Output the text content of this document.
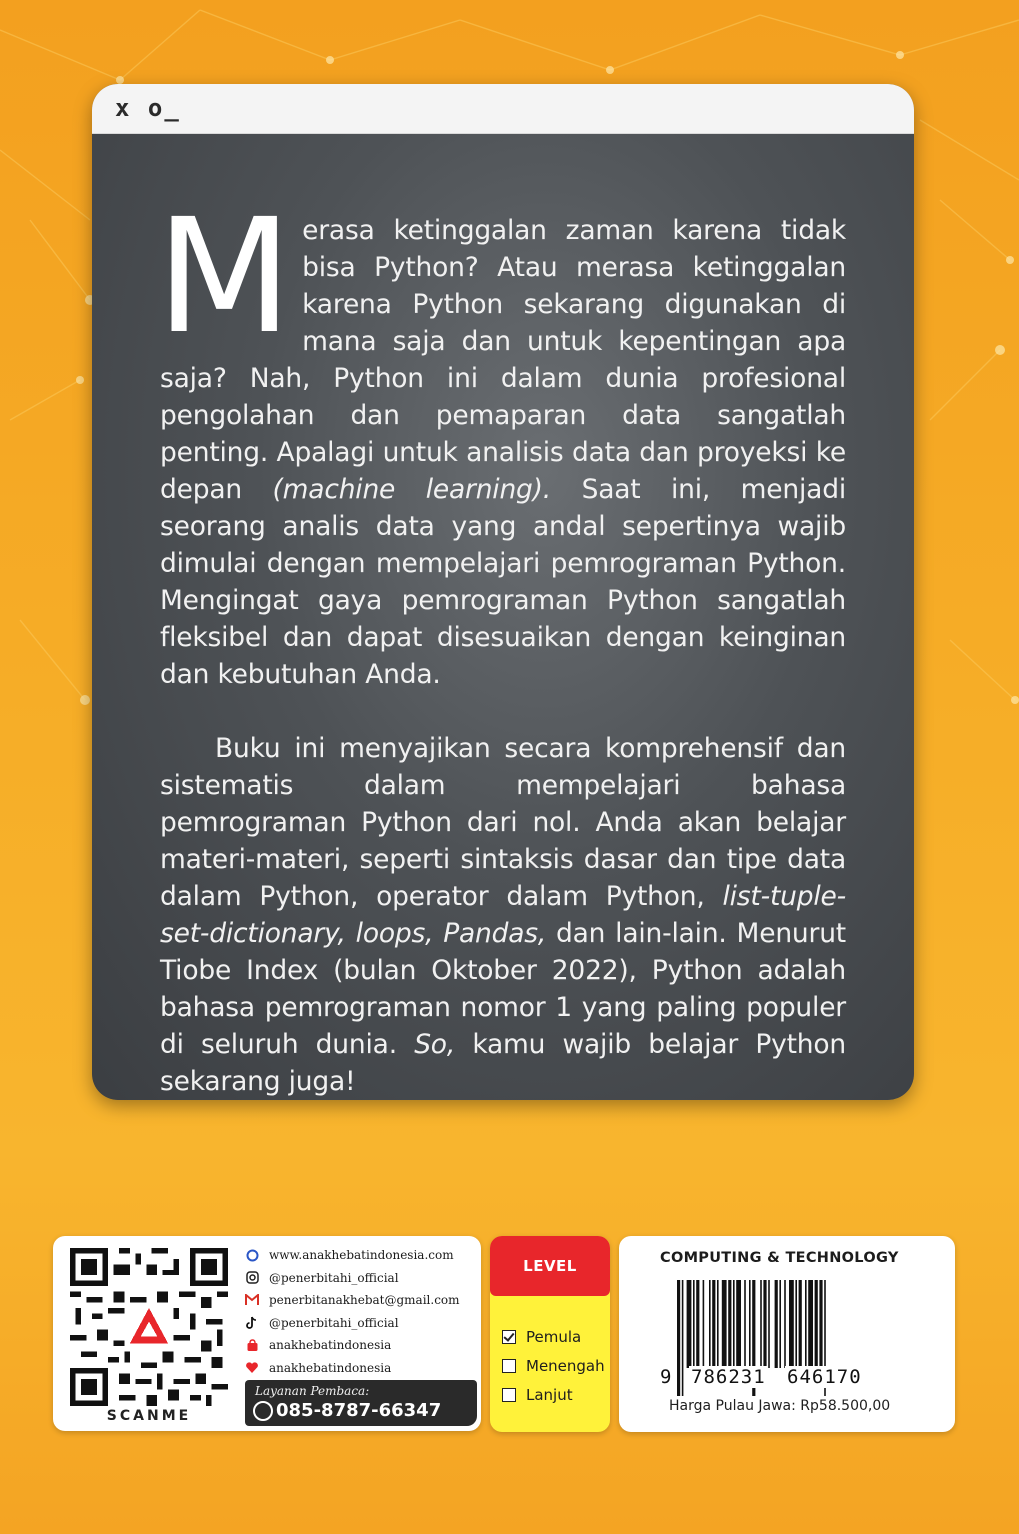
x o_

Merasa ketinggalan zaman karena tidak bisa Python? Atau merasa ketinggalan karena Python sekarang digunakan di mana saja dan untuk kepentingan apa saja? Nah, Python ini dalam dunia profesional pengolahan dan pemaparan data sangatlah penting. Apalagi untuk analisis data dan proyeksi ke depan (machine learning). Saat ini, menjadi seorang analis data yang andal sepertinya wajib dimulai dengan mempelajari pemrograman Python. Mengingat gaya pemrograman Python sangatlah fleksibel dan dapat disesuaikan dengan keinginan dan kebutuhan Anda.

Buku ini menyajikan secara komprehensif dan sistematis dalam mempelajari bahasa pemrograman Python dari nol. Anda akan belajar materi-materi, seperti sintaksis dasar dan tipe data dalam Python, operator dalam Python, list-tuple-set-dictionary, loops, Pandas, dan lain-lain. Menurut Tiobe Index (bulan Oktober 2022), Python adalah bahasa pemrograman nomor 1 yang paling populer di seluruh dunia. So, kamu wajib belajar Python sekarang juga!

SCANME
www.anakhebatindonesia.com
@penerbitahi_official
penerbitanakhebat@gmail.com
@penerbitahi_official
anakhebatindonesia
anakhebatindonesia
Layanan Pembaca:
085-8787-66347
LEVEL
Pemula
Menengah
Lanjut
COMPUTING & TECHNOLOGY
9 786231 646170
Harga Pulau Jawa: Rp58.500,00
